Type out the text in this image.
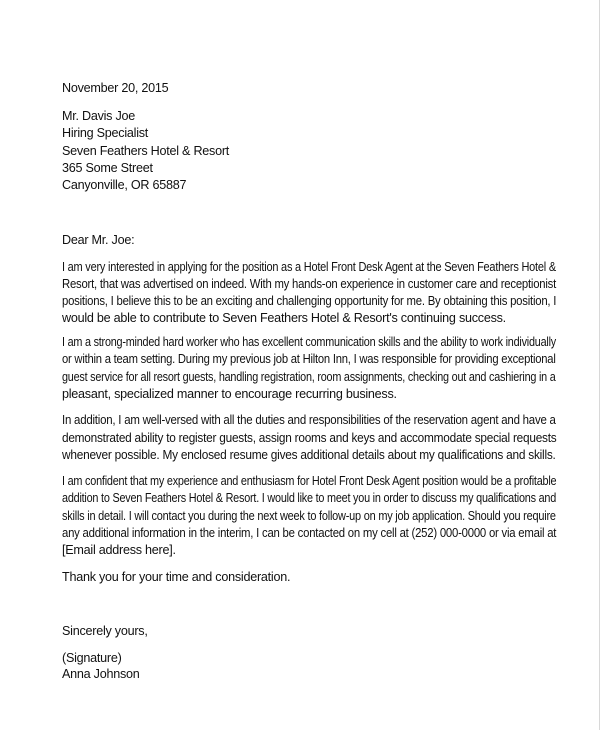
November 20, 2015
Mr. Davis Joe
Hiring Specialist
Seven Feathers Hotel & Resort
365 Some Street
Canyonville, OR 65887
Dear Mr. Joe:
I am very interested in applying for the position as a Hotel Front Desk Agent at the Seven Feathers Hotel &
Resort, that was advertised on indeed. With my hands-on experience in customer care and receptionist
positions, I believe this to be an exciting and challenging opportunity for me. By obtaining this position, I
would be able to contribute to Seven Feathers Hotel & Resort's continuing success.
I am a strong-minded hard worker who has excellent communication skills and the ability to work individually
or within a team setting. During my previous job at Hilton Inn, I was responsible for providing exceptional
guest service for all resort guests, handling registration, room assignments, checking out and cashiering in a
pleasant, specialized manner to encourage recurring business.
In addition, I am well-versed with all the duties and responsibilities of the reservation agent and have a
demonstrated ability to register guests, assign rooms and keys and accommodate special requests
whenever possible. My enclosed resume gives additional details about my qualifications and skills.
I am confident that my experience and enthusiasm for Hotel Front Desk Agent position would be a profitable
addition to Seven Feathers Hotel & Resort. I would like to meet you in order to discuss my qualifications and
skills in detail. I will contact you during the next week to follow-up on my job application. Should you require
any additional information in the interim, I can be contacted on my cell at (252) 000-0000 or via email at
[Email address here].
Thank you for your time and consideration.
Sincerely yours,
(Signature)
Anna Johnson
